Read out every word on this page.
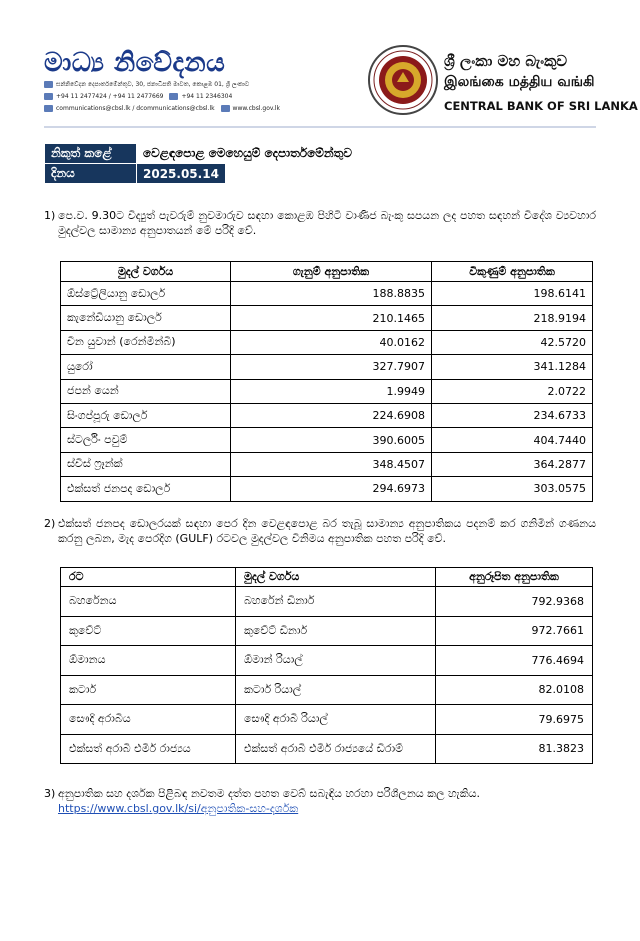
මාධ්‍ය නිවේදනය
සන්නිවේදන දෙපාර්තමේන්තුව, 30, ජනාධිපති මාවත, කොළඹ 01, ශ්‍රී ලංකාව
+94 11 2477424 / +94 11 2477669	+94 11 2346304
communications@cbsl.lk / dcommunications@cbsl.lk	www.cbsl.gov.lk
ශ්‍රී ලංකා මහ බැංකුව
இலங்கை மத்திய வங்கி
CENTRAL BANK OF SRI LANKA
නිකුත් කළේ	වෙළඳපොළ මෙහෙයුම් දෙපාර්තමේන්තුව	
දිනය	2025.05.14	
1) පෙ.ව. 9.30ට විද්‍යුත් පැවරුම් නුවමාරුව සඳහා කොළඹ පිහිටි වාණිජ බැංකු සපයන ලද පහත සඳහන් විදේශ ව්‍යවහාර මුදල්වල සාමාන්‍ය අනුපාතයන් මේ පරිදි වේ.
මුදල් වර්ගය	ගැනුම් අනුපාතික	විකුණුම් අනුපාතික
ඕස්ට්‍රේලියානු ඩොලර්	188.8835	198.6141
කැනේඩියානු ඩොලර්	210.1465	218.9194
චීන යුවාන් (රෙන්මින්බි)	40.0162	42.5720
යුරෝ	327.7907	341.1284
ජපන් යෙන්	1.9949	2.0722
සිංගප්පූරු ඩොලර්	224.6908	234.6733
ස්ටර්ලිං පවුම්	390.6005	404.7440
ස්විස් ෆ්‍රෑන්ක්	348.4507	364.2877
එක්සත් ජනපද ඩොලර්	294.6973	303.0575
2) එක්සත් ජනපද ඩොලරයක් සඳහා පෙර දින වෙළඳපොළ බර තැබූ සාමාන්‍ය අනුපාතිකය පදනම් කර ගනිමින් ගණනය කරනු ලබන, මැද පෙරදිග (GULF) රටවල මුදල්වල විනිමය අනුපාතික පහත පරිදි වේ.
රට	මුදල් වර්ගය	අනුරූපිත අනුපාතික
බහරේනය	බහරේන් ඩිනාර්	792.9368
කුවේට්	කුවේට් ඩිනාර්	972.7661
ඕමානය	ඕමාන් රියාල්	776.4694
කටාර්	කටාර් රියාල්	82.0108
සෞදි අරාබිය	සෞදි අරාබි රියාල්	79.6975
එක්සත් අරාබි එමීර් රාජ්‍යය	එක්සත් අරාබි එමීර් රාජ්‍යයේ ඩිරාම්	81.3823
3) අනුපාතික සහ දර්ශක පිළිබඳ නවතම දත්ත පහත වෙබ් සබැඳිය හරහා පරිශීලනය කල හැකිය.
https://www.cbsl.gov.lk/si/අනුපාතික-සහ-දර්ශක
